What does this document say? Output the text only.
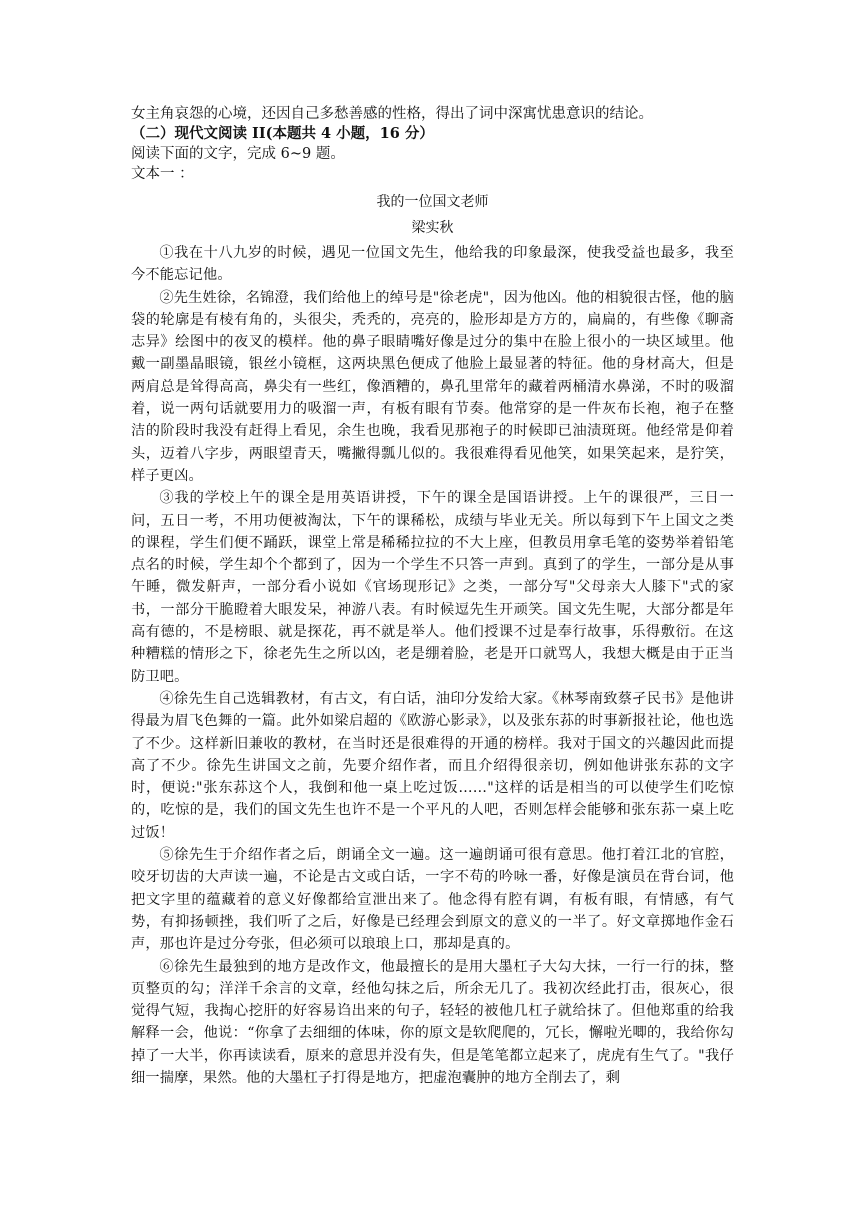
女主角哀怨的心境，还因自己多愁善感的性格，得出了词中深寓忧患意识的结论。
（二）现代文阅读 II(本题共 4 小题，16 分）
阅读下面的文字，完成 6~9 题。
文本一 ：
我的一位国文老师
梁实秋

①我在十八九岁的时候，遇见一位国文先生，他给我的印象最深，使我受益也最多，我至今不能忘记他。

②先生姓徐，名锦澄，我们给他上的绰号是"徐老虎"，因为他凶。他的相貌很古怪，他的脑袋的轮廓是有棱有角的，头很尖，秃秃的，亮亮的，脸形却是方方的，扁扁的，有些像《聊斋志异》绘图中的夜叉的模样。他的鼻子眼睛嘴好像是过分的集中在脸上很小的一块区域里。他戴一副墨晶眼镜，银丝小镜框，这两块黑色便成了他脸上最显著的特征。他的身材高大，但是两肩总是耸得高高，鼻尖有一些红，像酒糟的，鼻孔里常年的藏着两桶清水鼻涕，不时的吸溜着，说一两句话就要用力的吸溜一声，有板有眼有节奏。他常穿的是一件灰布长袍，袍子在整洁的阶段时我没有赶得上看见，余生也晚，我看见那袍子的时候即已油渍斑斑。他经常是仰着头，迈着八字步，两眼望青天，嘴撇得瓢儿似的。我很难得看见他笑，如果笑起来，是狞笑，样子更凶。

③我的学校上午的课全是用英语讲授，下午的课全是国语讲授。上午的课很严，三日一问，五日一考，不用功便被淘汰，下午的课稀松，成绩与毕业无关。所以每到下午上国文之类的课程，学生们便不踊跃，课堂上常是稀稀拉拉的不大上座，但教员用拿毛笔的姿势举着铅笔点名的时候，学生却个个都到了，因为一个学生不只答一声到。真到了的学生，一部分是从事午睡，微发鼾声，一部分看小说如《官场现形记》之类，一部分写"父母亲大人膝下"式的家书，一部分干脆瞪着大眼发呆，神游八表。有时候逗先生开顽笑。国文先生呢，大部分都是年高有德的，不是榜眼、就是探花，再不就是举人。他们授课不过是奉行故事，乐得敷衍。在这种糟糕的情形之下，徐老先生之所以凶，老是绷着脸，老是开口就骂人，我想大概是由于正当防卫吧。

④徐先生自己选辑教材，有古文，有白话，油印分发给大家。《林琴南致蔡孑民书》是他讲得最为眉飞色舞的一篇。此外如梁启超的《欧游心影录》，以及张东荪的时事新报社论，他也选了不少。这样新旧兼收的教材，在当时还是很难得的开通的榜样。我对于国文的兴趣因此而提高了不少。徐先生讲国文之前，先要介绍作者，而且介绍得很亲切，例如他讲张东荪的文字时，便说:"张东荪这个人，我倒和他一桌上吃过饭……"这样的话是相当的可以使学生们吃惊的，吃惊的是，我们的国文先生也许不是一个平凡的人吧，否则怎样会能够和张东荪一桌上吃过饭！

⑤徐先生于介绍作者之后，朗诵全文一遍。这一遍朗诵可很有意思。他打着江北的官腔，咬牙切齿的大声读一遍，不论是古文或白话，一字不苟的吟咏一番，好像是演员在背台词，他把文字里的蕴藏着的意义好像都给宣泄出来了。他念得有腔有调，有板有眼，有情感，有气势，有抑扬顿挫，我们听了之后，好像是已经理会到原文的意义的一半了。好文章掷地作金石声，那也许是过分夸张，但必须可以琅琅上口，那却是真的。

⑥徐先生最独到的地方是改作文，他最擅长的是用大墨杠子大勾大抹，一行一行的抹，整页整页的勾；洋洋千余言的文章，经他勾抹之后，所余无几了。我初次经此打击，很灰心，很觉得气短，我掏心挖肝的好容易诌出来的句子，轻轻的被他几杠子就给抹了。但他郑重的给我解释一会，他说：“你拿了去细细的体味，你的原文是软爬爬的，冗长，懈啦光唧的，我给你勾掉了一大半，你再读读看，原来的意思并没有失，但是笔笔都立起来了，虎虎有生气了。"我仔细一揣摩，果然。他的大墨杠子打得是地方，把虚泡囊肿的地方全削去了，剩
